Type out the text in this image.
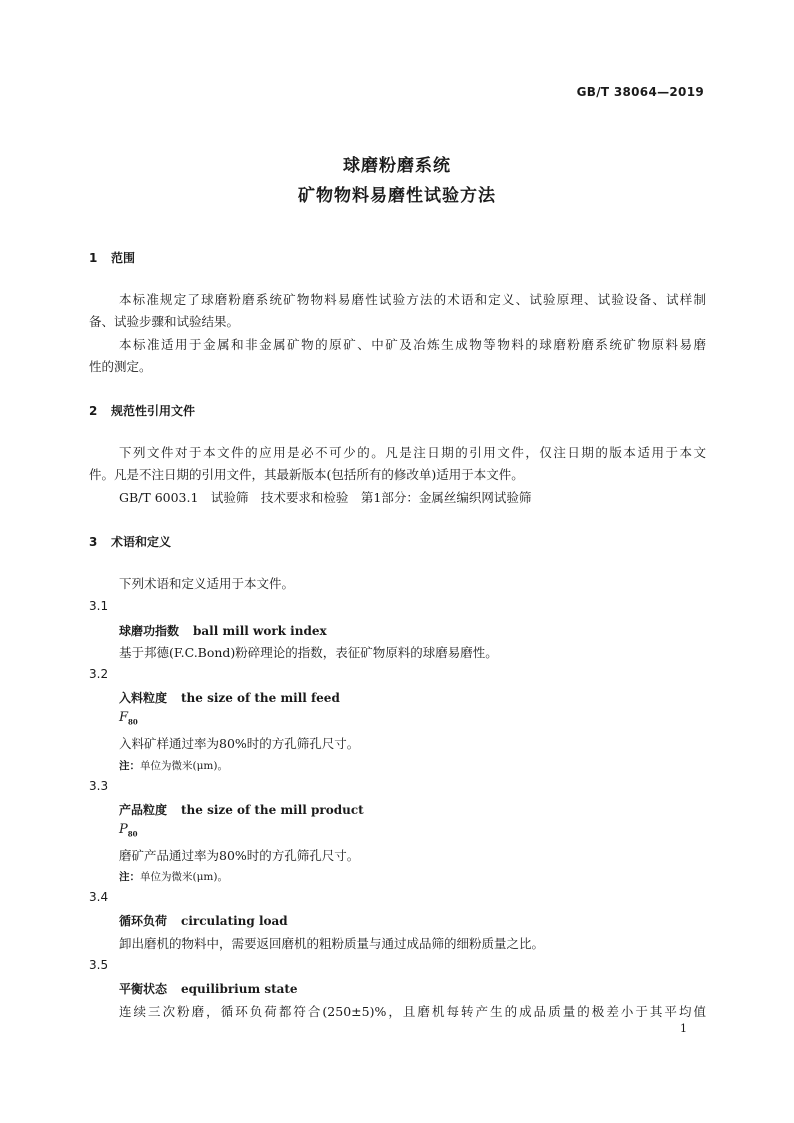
GB/T 38064—2019
球磨粉磨系统
矿物物料易磨性试验方法
1 范围
本标准规定了球磨粉磨系统矿物物料易磨性试验方法的术语和定义、试验原理、试验设备、试样制
备、试验步骤和试验结果。
本标准适用于金属和非金属矿物的原矿、中矿及冶炼生成物等物料的球磨粉磨系统矿物原料易磨
性的测定。
2 规范性引用文件
下列文件对于本文件的应用是必不可少的。凡是注日期的引用文件，仅注日期的版本适用于本文
件。凡是不注日期的引用文件，其最新版本(包括所有的修改单)适用于本文件。
GB/T 6003.1　试验筛　技术要求和检验　第1部分：金属丝编织网试验筛
3 术语和定义
下列术语和定义适用于本文件。
3.1
球磨功指数 ball mill work index
基于邦德(F.C.Bond)粉碎理论的指数，表征矿物原料的球磨易磨性。
3.2
入料粒度 the size of the mill feed
$F_{80}$
入料矿样通过率为80%时的方孔筛孔尺寸。
注：单位为微米(μm)。
3.3
产品粒度 the size of the mill product
$P_{80}$
磨矿产品通过率为80%时的方孔筛孔尺寸。
注：单位为微米(μm)。
3.4
循环负荷 circulating load
卸出磨机的物料中，需要返回磨机的粗粉质量与通过成品筛的细粉质量之比。
3.5
平衡状态 equilibrium state
连续三次粉磨，循环负荷都符合(250±5)%，且磨机每转产生的成品质量的极差小于其平均值
1
